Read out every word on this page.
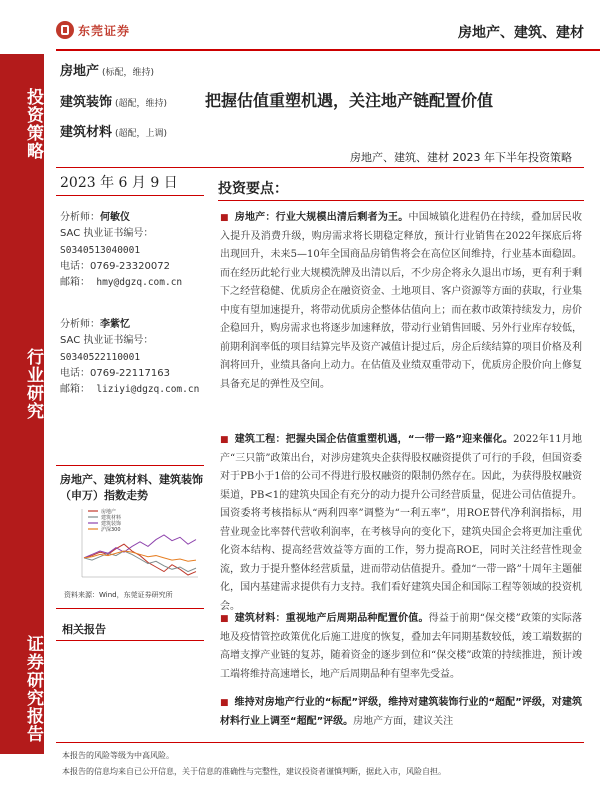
东莞证券	房地产、建筑、建材
投资策略
行业研究
证券研究报告
房地产 (标配，维持)
建筑装饰 (超配，维持)
建筑材料 (超配，上调)
把握估值重塑机遇，关注地产链配置价值
房地产、建筑、建材 2023 年下半年投资策略
2023 年 6 月 9 日
分析师：何敏仪
SAC 执业证书编号：
S0340513040001
电话：0769-23320072
邮箱： hmy@dgzq.com.cn
分析师：李紫忆
SAC 执业证书编号：
S0340522110001
电话：0769-22117163
邮箱： liziyi@dgzq.com.cn
房地产、建筑材料、建筑装饰（申万）指数走势
房地产
建筑材料
建筑装饰
沪深300
资料来源：Wind，东莞证券研究所
相关报告
投资要点：
■ 房地产：行业大规模出清后剩者为王。中国城镇化进程仍在持续，叠加居民收入提升及消费升级，购房需求将长期稳定释放，预计行业销售在2022年探底后将出现回升，未来5—10年全国商品房销售将会在高位区间维持，行业基本面稳固。而在经历此轮行业大规模洗牌及出清以后，不少房企将永久退出市场，更有利于剩下之经营稳健、优质房企在融资资金、土地项目、客户资源等方面的获取，行业集中度有望加速提升，将带动优质房企整体估值向上；而在救市政策持续发力，房价企稳回升，购房需求也将逐步加速释放，带动行业销售回暖、另外行业库存较低，前期利润率低的项目结算完毕及资产减值计提过后，房企后续结算的项目价格及利润将回升，业绩具备向上动力。在估值及业绩双重带动下，优质房企股价向上修复具备充足的弹性及空间。
■ 建筑工程：把握央国企估值重塑机遇，“一带一路”迎来催化。2022年11月地产“三只箭”政策出台，对涉房建筑央企获得股权融资提供了可行的手段，但国资委对于PB小于1倍的公司不得进行股权融资的限制仍然存在。因此，为获得股权融资渠道，PB<1的建筑央国企有充分的动力提升公司经营质量，促进公司估值提升。国资委将考核指标从“两利四率”调整为“一利五率”，用ROE替代净利润指标，用营业现金比率替代营收利润率，在考核导向的变化下，建筑央国企会将更加注重优化资本结构、提高经营效益等方面的工作，努力提高ROE，同时关注经营性现金流，致力于提升整体经营质量，进而带动估值提升。叠加“一带一路”十周年主题催化，国内基建需求提供有力支持。我们看好建筑央国企和国际工程等领域的投资机会。
■ 建筑材料：重视地产后周期品种配置价值。得益于前期“保交楼”政策的实际落地及疫情管控政策优化后施工进度的恢复，叠加去年同期基数较低，竣工端数据的高增支撑产业链的复苏，随着资金的逐步到位和“保交楼”政策的持续推进，预计竣工端将维持高速增长，地产后周期品种有望率先受益。
■ 维持对房地产行业的“标配”评级，维持对建筑装饰行业的“超配”评级，对建筑材料行业上调至“超配”评级。房地产方面，建议关注
本报告的风险等级为中高风险。
本报告的信息均来自已公开信息，关于信息的准确性与完整性，建议投资者谨慎判断，据此入市，风险自担。
